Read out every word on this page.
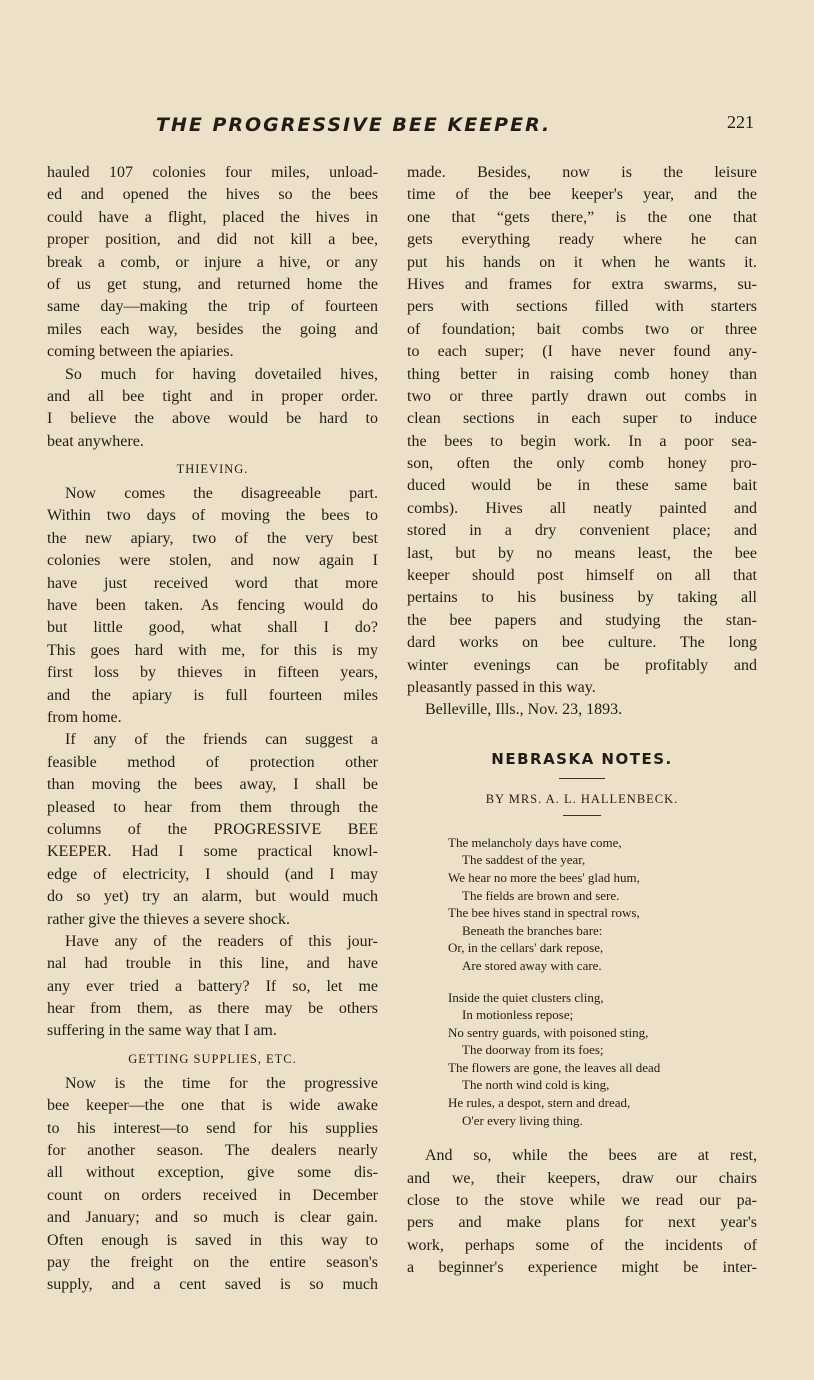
THE PROGRESSIVE BEE KEEPER.	221
hauled 107 colonies four miles, unload-
ed and opened the hives so the bees
could have a flight, placed the hives in
proper position, and did not kill a bee,
break a comb, or injure a hive, or any
of us get stung, and returned home the
same day—making the trip of fourteen
miles each way, besides the going and
coming between the apiaries.
So much for having dovetailed hives,
and all bee tight and in proper order.
I believe the above would be hard to
beat anywhere.
THIEVING.
Now comes the disagreeable part.
Within two days of moving the bees to
the new apiary, two of the very best
colonies were stolen, and now again I
have just received word that more
have been taken. As fencing would do
but little good, what shall I do?
This goes hard with me, for this is my
first loss by thieves in fifteen years,
and the apiary is full fourteen miles
from home.
If any of the friends can suggest a
feasible method of protection other
than moving the bees away, I shall be
pleased to hear from them through the
columns of the PROGRESSIVE BEE
KEEPER. Had I some practical knowl-
edge of electricity, I should (and I may
do so yet) try an alarm, but would much
rather give the thieves a severe shock.
Have any of the readers of this jour-
nal had trouble in this line, and have
any ever tried a battery? If so, let me
hear from them, as there may be others
suffering in the same way that I am.
GETTING SUPPLIES, ETC.
Now is the time for the progressive
bee keeper—the one that is wide awake
to his interest—to send for his supplies
for another season. The dealers nearly
all without exception, give some dis-
count on orders received in December
and January; and so much is clear gain.
Often enough is saved in this way to
pay the freight on the entire season's
supply, and a cent saved is so much
made. Besides, now is the leisure
time of the bee keeper's year, and the
one that “gets there,” is the one that
gets everything ready where he can
put his hands on it when he wants it.
Hives and frames for extra swarms, su-
pers with sections filled with starters
of foundation; bait combs two or three
to each super; (I have never found any-
thing better in raising comb honey than
two or three partly drawn out combs in
clean sections in each super to induce
the bees to begin work. In a poor sea-
son, often the only comb honey pro-
duced would be in these same bait
combs). Hives all neatly painted and
stored in a dry convenient place; and
last, but by no means least, the bee
keeper should post himself on all that
pertains to his business by taking all
the bee papers and studying the stan-
dard works on bee culture. The long
winter evenings can be profitably and
pleasantly passed in this way.
Belleville, Ills., Nov. 23, 1893.
NEBRASKA NOTES.
BY MRS. A. L. HALLENBECK.
The melancholy days have come,
The saddest of the year,
We hear no more the bees' glad hum,
The fields are brown and sere.
The bee hives stand in spectral rows,
Beneath the branches bare:
Or, in the cellars' dark repose,
Are stored away with care.
Inside the quiet clusters cling,
In motionless repose;
No sentry guards, with poisoned sting,
The doorway from its foes;
The flowers are gone, the leaves all dead
The north wind cold is king,
He rules, a despot, stern and dread,
O'er every living thing.
And so, while the bees are at rest,
and we, their keepers, draw our chairs
close to the stove while we read our pa-
pers and make plans for next year's
work, perhaps some of the incidents of
a beginner's experience might be inter-
